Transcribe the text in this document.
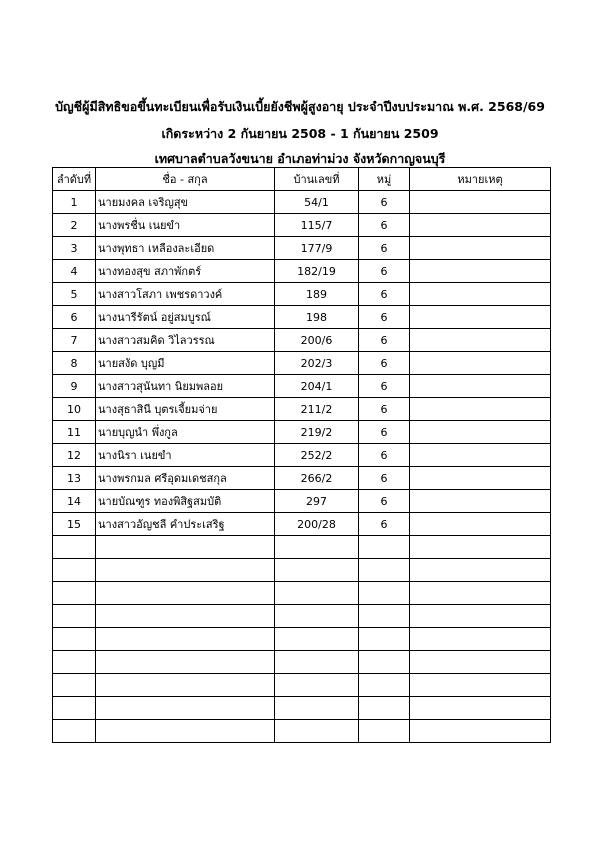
บัญชีผู้มีสิทธิขอขึ้นทะเบียนเพื่อรับเงินเบี้ยยังชีพผู้สูงอายุ ประจำปีงบประมาณ พ.ศ. 2568/69
เกิดระหว่าง 2 กันยายน 2508 - 1 กันยายน 2509
เทศบาลตำบลวังขนาย อำเภอท่าม่วง จังหวัดกาญจนบุรี
ลำดับที่	ชื่อ - สกุล	บ้านเลขที่	หมู่	หมายเหตุ
1	นายมงคล เจริญสุข	54/1	6	
2	นางพรชื่น เนยขำ	115/7	6	
3	นางพุทธา เหลืองละเอียด	177/9	6	
4	นางทองสุข สภาพักตร์	182/19	6	
5	นางสาวโสภา เพชรดาวงค์	189	6	
6	นางนารีรัตน์ อยู่สมบูรณ์	198	6	
7	นางสาวสมคิด วิไลวรรณ	200/6	6	
8	นายสงัด บุญมี	202/3	6	
9	นางสาวสุนันทา นิยมพลอย	204/1	6	
10	นางสุธาสินี บุตรเจี้ยมจ่าย	211/2	6	
11	นายบุญนำ พึ่งกูล	219/2	6	
12	นางนิรา เนยขำ	252/2	6	
13	นางพรกมล ศรีอุดมเดชสกุล	266/2	6	
14	นายบัณฑูร ทองพิสิฐสมบัติ	297	6	
15	นางสาวอัญชลี คำประเสริฐ	200/28	6	
